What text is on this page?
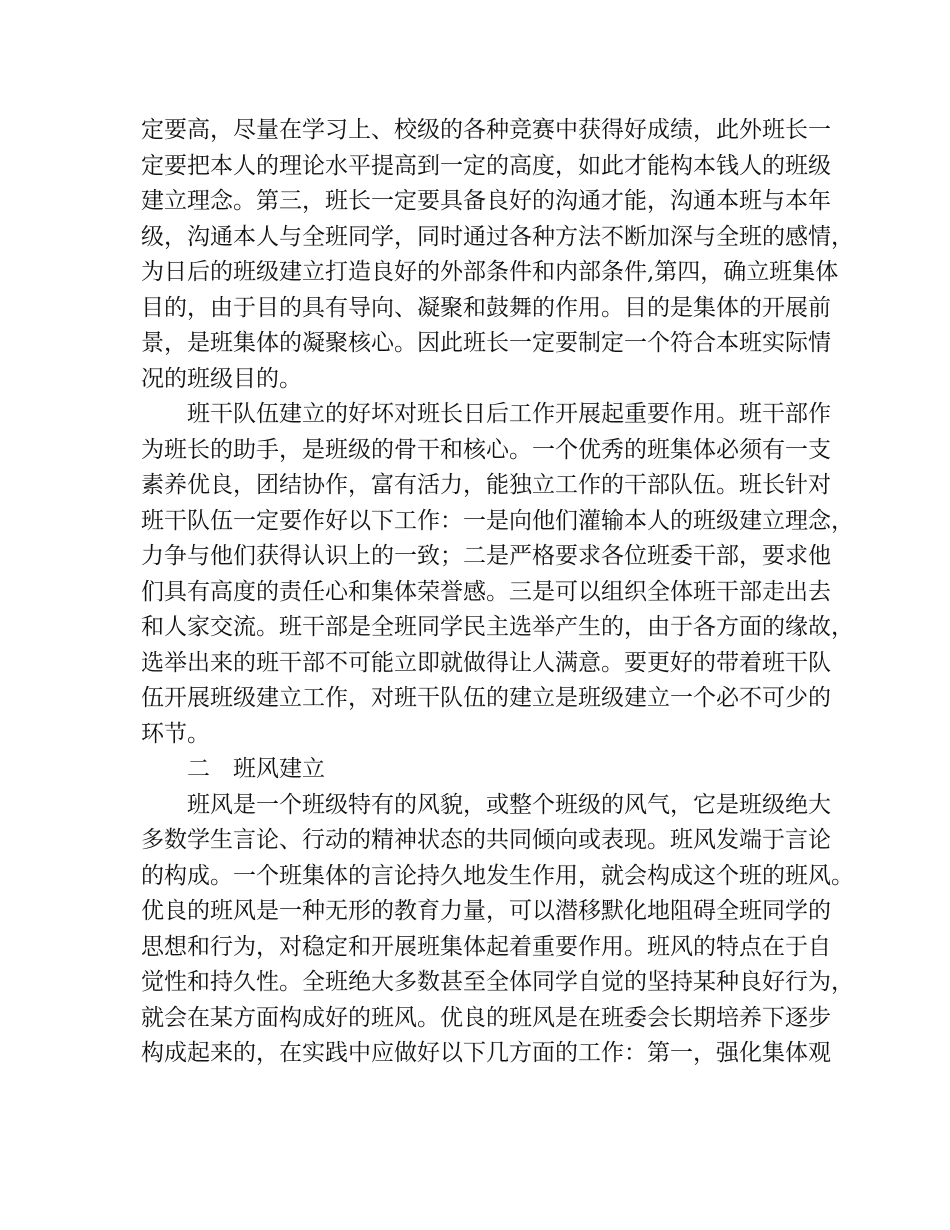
定要高，尽量在学习上、校级的各种竞赛中获得好成绩，此外班长一
定要把本人的理论水平提高到一定的高度，如此才能构本钱人的班级
建立理念。第三，班长一定要具备良好的沟通才能，沟通本班与本年
级，沟通本人与全班同学，同时通过各种方法不断加深与全班的感情，
为日后的班级建立打造良好的外部条件和内部条件,第四，确立班集体
目的，由于目的具有导向、凝聚和鼓舞的作用。目的是集体的开展前
景，是班集体的凝聚核心。因此班长一定要制定一个符合本班实际情
况的班级目的。
班干队伍建立的好坏对班长日后工作开展起重要作用。班干部作
为班长的助手，是班级的骨干和核心。一个优秀的班集体必须有一支
素养优良，团结协作，富有活力，能独立工作的干部队伍。班长针对
班干队伍一定要作好以下工作：一是向他们灌输本人的班级建立理念，
力争与他们获得认识上的一致；二是严格要求各位班委干部，要求他
们具有高度的责任心和集体荣誉感。三是可以组织全体班干部走出去
和人家交流。班干部是全班同学民主选举产生的，由于各方面的缘故，
选举出来的班干部不可能立即就做得让人满意。要更好的带着班干队
伍开展班级建立工作，对班干队伍的建立是班级建立一个必不可少的
环节。
二　班风建立
班风是一个班级特有的风貌，或整个班级的风气，它是班级绝大
多数学生言论、行动的精神状态的共同倾向或表现。班风发端于言论
的构成。一个班集体的言论持久地发生作用，就会构成这个班的班风。
优良的班风是一种无形的教育力量，可以潜移默化地阻碍全班同学的
思想和行为，对稳定和开展班集体起着重要作用。班风的特点在于自
觉性和持久性。全班绝大多数甚至全体同学自觉的坚持某种良好行为，
就会在某方面构成好的班风。优良的班风是在班委会长期培养下逐步
构成起来的，在实践中应做好以下几方面的工作：第一，强化集体观
